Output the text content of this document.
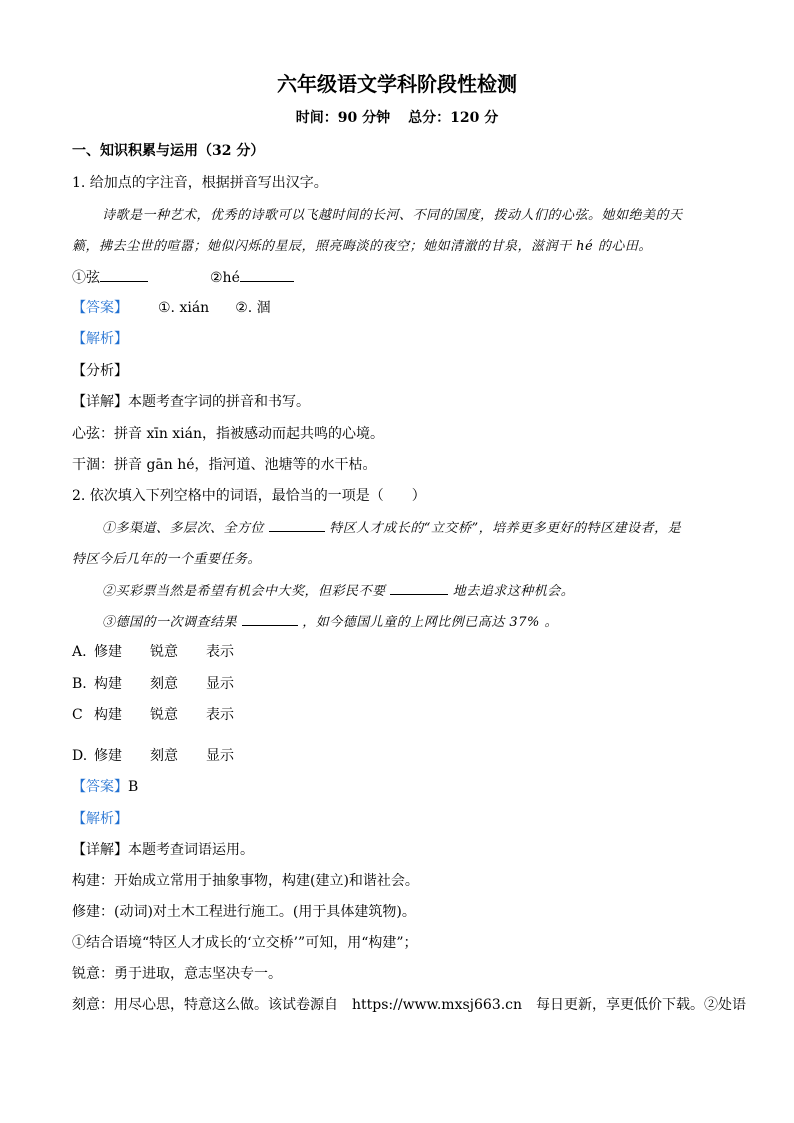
六年级语文学科阶段性检测
时间：90 分钟 总分：120 分
一、知识积累与运用（32 分）
1. 给加点的字注音，根据拼音写出汉字。
诗歌是一种艺术，优秀的诗歌可以飞越时间的长河、不同的国度，拨动人们的心弦。她如绝美的天
籁，拂去尘世的喧嚣；她似闪烁的星辰，照亮晦淡的夜空；她如清澈的甘泉，滋润干 hé 的心田。
①弦	②hé
【答案】 ①. xián ②. 涸
【解析】
【分析】
【详解】本题考查字词的拼音和书写。
心弦：拼音 xīn xián，指被感动而起共鸣的心境。
干涸：拼音 gān hé，指河道、池塘等的水干枯。
2. 依次填入下列空格中的词语，最恰当的一项是（　　）
①多渠道、多层次、全方位	特区人才成长的“立交桥”，培养更多更好的特区建设者，是
特区今后几年的一个重要任务。
②买彩票当然是希望有机会中大奖，但彩民不要	地去追求这种机会。
③德国的一次调查结果	，如今德国儿童的上网比例已高达 37% 。
A. 修建 锐意 表示
B. 构建 刻意 显示
C 构建 锐意 表示
D. 修建 刻意 显示
【答案】B
【解析】
【详解】本题考查词语运用。
构建：开始成立常用于抽象事物，构建(建立)和谐社会。
修建：(动词)对土木工程进行施工。(用于具体建筑物)。
①结合语境“特区人才成长的‘立交桥’”可知，用“构建”；
锐意：勇于进取，意志坚决专一。
刻意：用尽心思，特意这么做。该试卷源自　https://www.mxsj663.cn　每日更新，享更低价下载。②处语
